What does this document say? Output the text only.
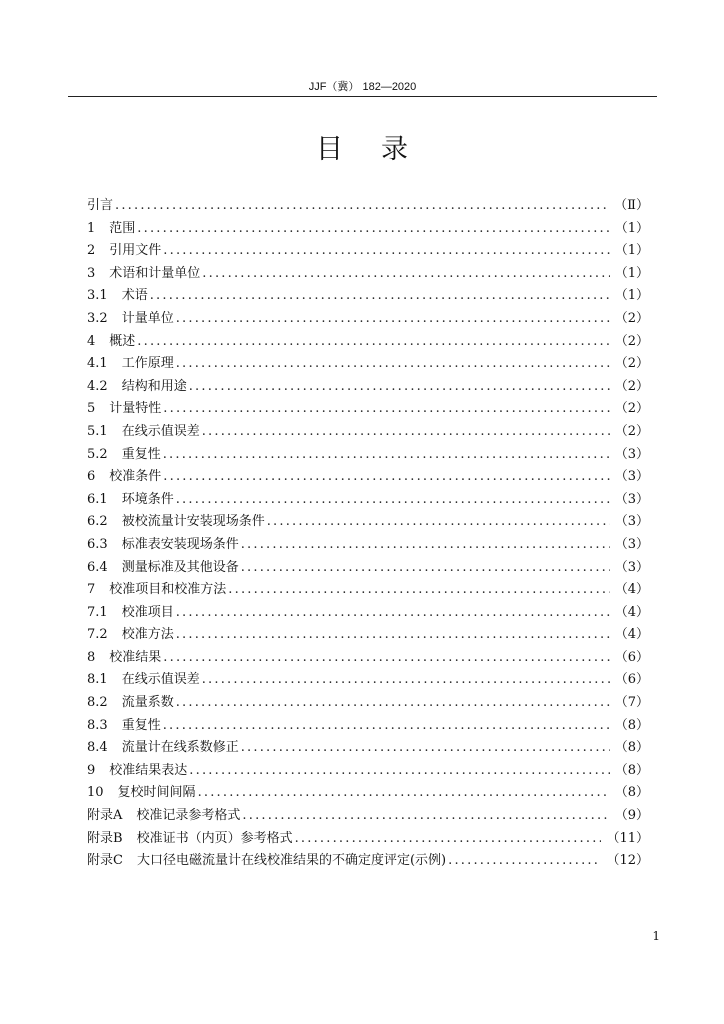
JJF（冀） 182—2020
目录
引言 .....	（Ⅱ）
1 范围 .....	（1）
2 引用文件 .....	（1）
3 术语和计量单位 .....	（1）
3.1 术语 .....	（1）
3.2 计量单位 .....	（2）
4 概述 .....	（2）
4.1 工作原理 .....	（2）
4.2 结构和用途 .....	（2）
5 计量特性 .....	（2）
5.1 在线示值误差 .....	（2）
5.2 重复性 .....	（3）
6 校准条件 .....	（3）
6.1 环境条件 .....	（3）
6.2 被校流量计安装现场条件 .....	（3）
6.3 标准表安装现场条件 .....	（3）
6.4 测量标准及其他设备 .....	（3）
7 校准项目和校准方法 .....	（4）
7.1 校准项目 .....	（4）
7.2 校准方法 .....	（4）
8 校准结果 .....	（6）
8.1 在线示值误差 .....	（6）
8.2 流量系数 .....	（7）
8.3 重复性 .....	（8）
8.4 流量计在线系数修正 .....	（8）
9 校准结果表达 .....	（8）
10 复校时间间隔 .....	（8）
附录A 校准记录参考格式 .....	（9）
附录B 校准证书（内页）参考格式 .....	（11）
附录C 大口径电磁流量计在线校准结果的不确定度评定(示例) .....	（12）
1
